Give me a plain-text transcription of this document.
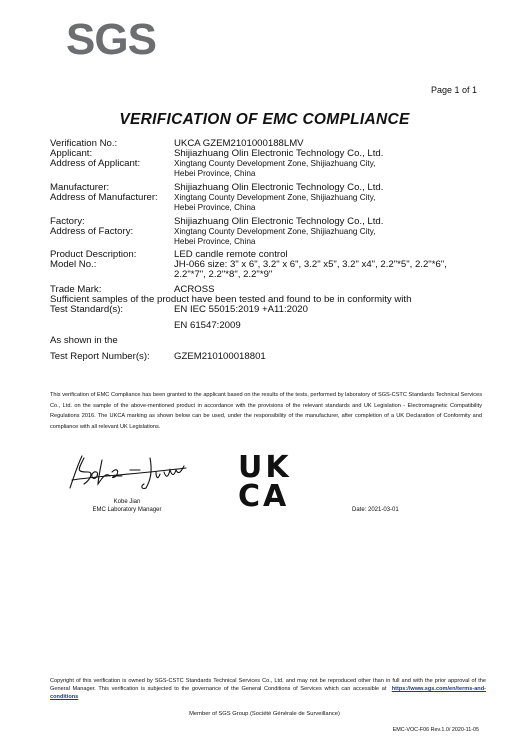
SGS
Page 1 of 1
VERIFICATION OF EMC COMPLIANCE
Verification No.:	UKCA GZEM2101000188LMV
Applicant:	Shijiazhuang Olin Electronic Technology Co., Ltd.
Address of Applicant:	Xingtang County Development Zone, Shijiazhuang City,
Hebei Province, China
Manufacturer:	Shijiazhuang Olin Electronic Technology Co., Ltd.
Address of Manufacturer:	Xingtang County Development Zone, Shijiazhuang City,
Hebei Province, China
Factory:	Shijiazhuang Olin Electronic Technology Co., Ltd.
Address of Factory:	Xingtang County Development Zone, Shijiazhuang City,
Hebei Province, China
Product Description:	LED candle remote control
Model No.:	JH-066 size: 3" x 6", 3.2" x 6", 3.2" x5", 3.2" x4", 2.2"*5", 2.2"*6",
2.2"*7", 2.2"*8", 2.2"*9"
Trade Mark:	ACROSS
Sufficient samples of the product have been tested and found to be in conformity with
Test Standard(s):	EN IEC 55015:2019 +A11:2020
EN 61547:2009
As shown in the
Test Report Number(s):	GZEM210100018801
This verification of EMC Compliance has been granted to the applicant based on the results of the tests, performed by laboratory of SGS-CSTC Standards Technical Services Co., Ltd. on the sample of the above-mentioned product in accordance with the provisions of the relevant standards and UK Legislation - Electromagnetic Compatibility Regulations 2016. The UKCA marking as shown below can be used, under the responsibility of the manufacturer, after completion of a UK Declaration of Conformity and compliance with all relevant UK Legislations.
Kobe Jian
EMC Laboratory Manager
UK
CA	Date: 2021-03-01
Copyright of this verification is owned by SGS-CSTC Standards Technical Services Co., Ltd. and may not be reproduced other than in full and with the prior approval of the General Manager. This verification is subjected to the governance of the General Conditions of Services which can accessible at https://www.sgs.com/en/terms-and-conditions
Member of SGS Group (Société Générale de Surveillance)
EMC-VOC-F06 Rev.1.0/ 2020-11-05
